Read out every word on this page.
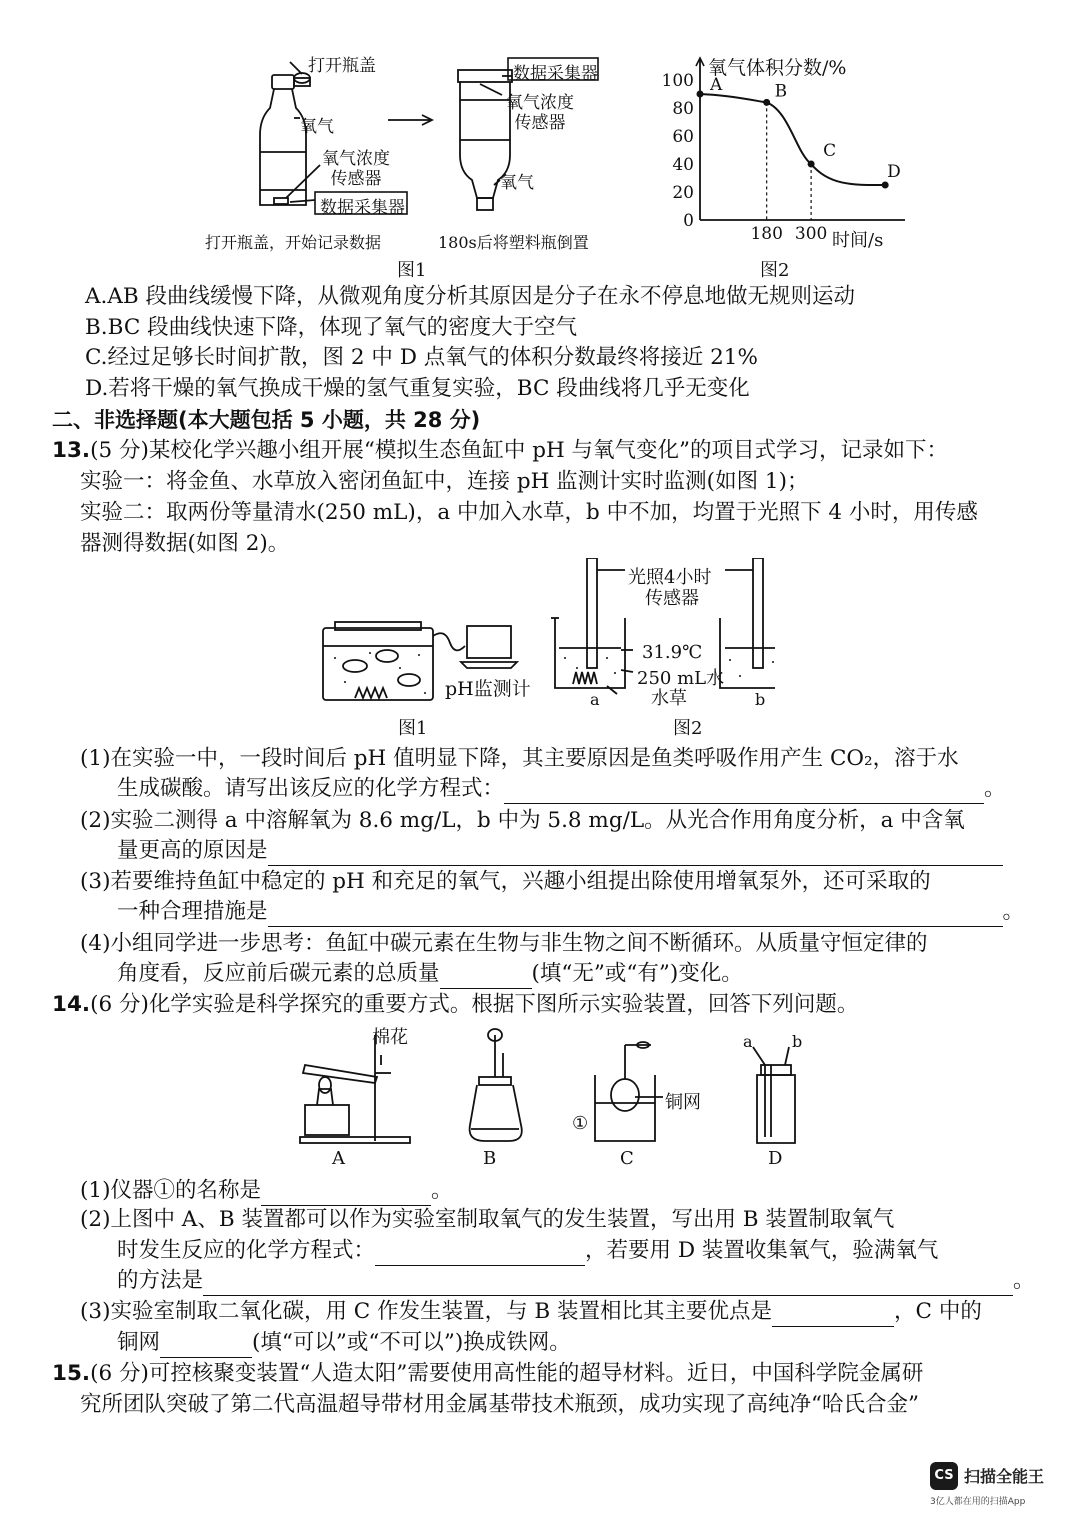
打开瓶盖
氧气
氧气浓度
传感器
数据采集器
数据采集器
氧气浓度
传感器
氧气
打开瓶盖，开始记录数据	180s后将塑料瓶倒置
图1
100
80
60
40
20
0
180 300
A	B
C
D
氧气体积分数/%
时间/s
图2
A.AB 段曲线缓慢下降，从微观角度分析其原因是分子在永不停息地做无规则运动
B.BC 段曲线快速下降，体现了氧气的密度大于空气
C.经过足够长时间扩散，图 2 中 D 点氧气的体积分数最终将接近 21%
D.若将干燥的氧气换成干燥的氢气重复实验，BC 段曲线将几乎无变化
二、非选择题(本大题包括 5 小题，共 28 分)
13.(5 分)某校化学兴趣小组开展“模拟生态鱼缸中 pH 与氧气变化”的项目式学习，记录如下：
实验一：将金鱼、水草放入密闭鱼缸中，连接 pH 监测计实时监测(如图 1)；
实验二：取两份等量清水(250 mL)，a 中加入水草，b 中不加，均置于光照下 4 小时，用传感
器测得数据(如图 2)。
pH监测计
光照4小时
传感器
31.9℃
250 mL水
水草
a	b
图1	图2
(1)在实验一中，一段时间后 pH 值明显下降，其主要原因是鱼类呼吸作用产生 CO₂，溶于水
生成碳酸。请写出该反应的化学方程式：	。
(2)实验二测得 a 中溶解氧为 8.6 mg/L，b 中为 5.8 mg/L。从光合作用角度分析，a 中含氧
量更高的原因是
(3)若要维持鱼缸中稳定的 pH 和充足的氧气，兴趣小组提出除使用增氧泵外，还可采取的
一种合理措施是	。
(4)小组同学进一步思考：鱼缸中碳元素在生物与非生物之间不断循环。从质量守恒定律的
角度看，反应前后碳元素的总质量	(填“无”或“有”)变化。
14.(6 分)化学实验是科学探究的重要方式。根据下图所示实验装置，回答下列问题。
棉花
铜网
①
a b
A	B	C	D
(1)仪器①的名称是	。
(2)上图中 A、B 装置都可以作为实验室制取氧气的发生装置，写出用 B 装置制取氧气
时发生反应的化学方程式：	，若要用 D 装置收集氧气，验满氧气
的方法是	。
(3)实验室制取二氧化碳，用 C 作发生装置，与 B 装置相比其主要优点是	，C 中的
铜网	(填“可以”或“不可以”)换成铁网。
15.(6 分)可控核聚变装置“人造太阳”需要使用高性能的超导材料。近日，中国科学院金属研
究所团队突破了第二代高温超导带材用金属基带技术瓶颈，成功实现了高纯净“哈氏合金”
CS 扫描全能王
3亿人都在用的扫描App
